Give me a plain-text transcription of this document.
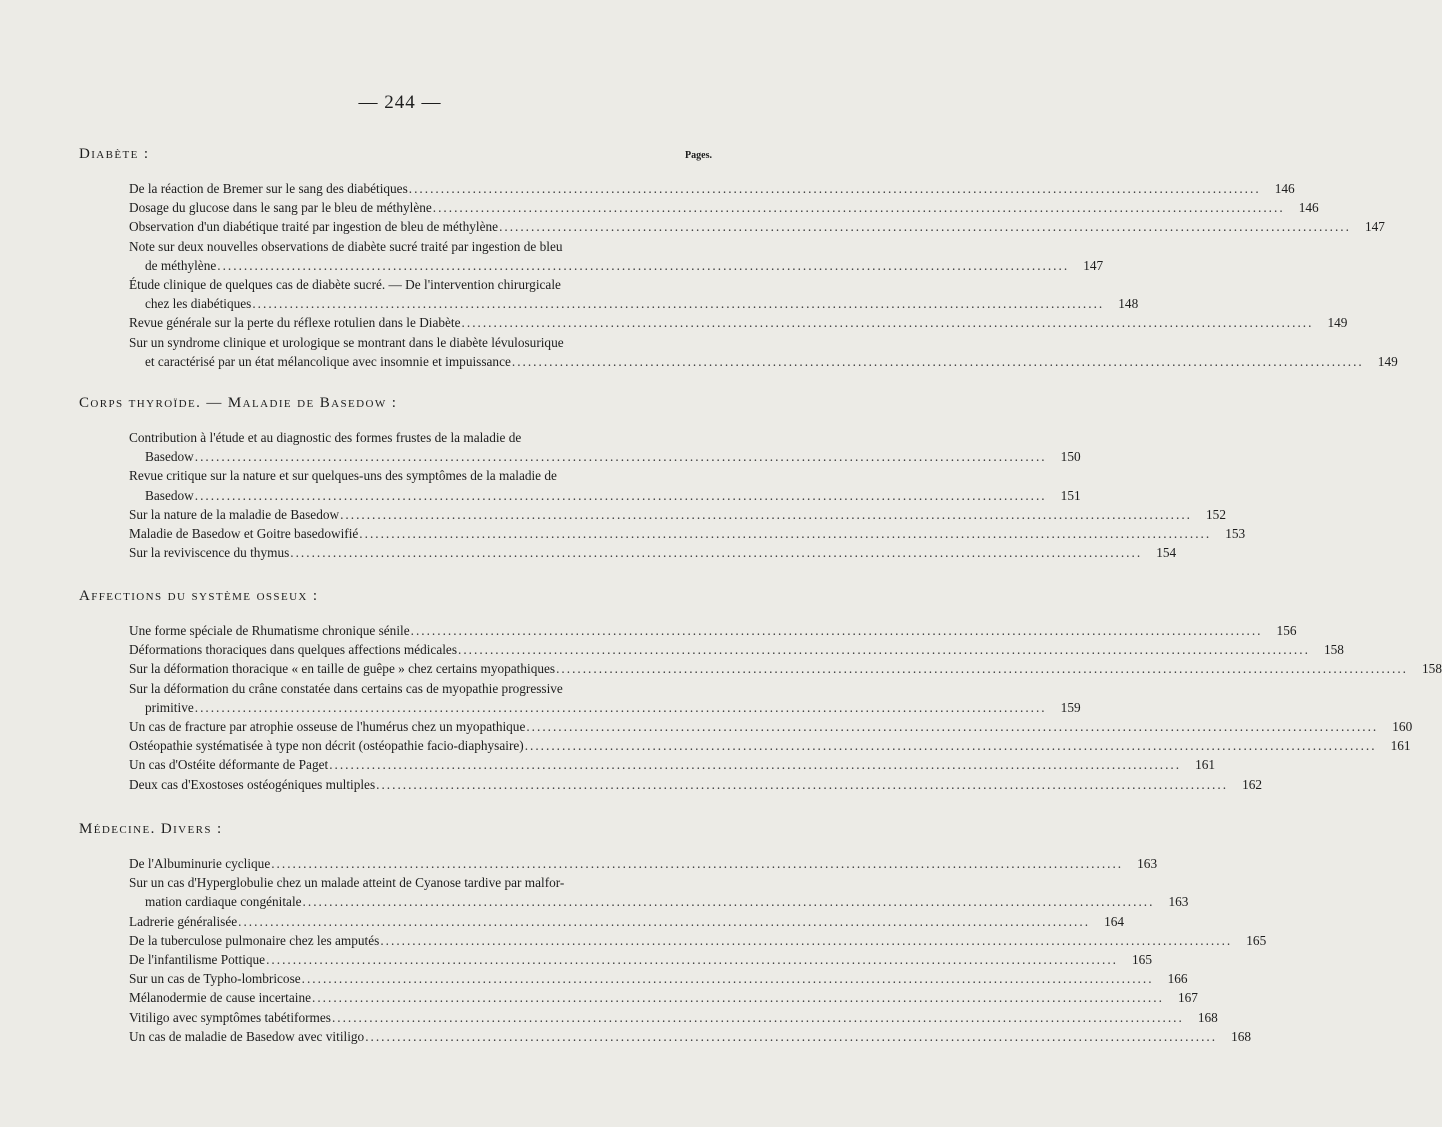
— 244 —
Pages.
Diabète :
De la réaction de Bremer sur le sang des diabétiques .....	146
Dosage du glucose dans le sang par le bleu de méthylène .....	146
Observation d'un diabétique traité par ingestion de bleu de méthylène .....	147
Note sur deux nouvelles observations de diabète sucré traité par ingestion de bleu
de méthylène .....	147
Étude clinique de quelques cas de diabète sucré. — De l'intervention chirurgicale
chez les diabétiques .....	148
Revue générale sur la perte du réflexe rotulien dans le Diabète .....	149
Sur un syndrome clinique et urologique se montrant dans le diabète lévulosurique
et caractérisé par un état mélancolique avec insomnie et impuissance .....	149
Corps thyroïde. — Maladie de Basedow :
Contribution à l'étude et au diagnostic des formes frustes de la maladie de
Basedow .....	150
Revue critique sur la nature et sur quelques-uns des symptômes de la maladie de
Basedow .....	151
Sur la nature de la maladie de Basedow .....	152
Maladie de Basedow et Goitre basedowifié .....	153
Sur la reviviscence du thymus .....	154
Affections du système osseux :
Une forme spéciale de Rhumatisme chronique sénile .....	156
Déformations thoraciques dans quelques affections médicales .....	158
Sur la déformation thoracique « en taille de guêpe » chez certains myopathiques .....	158
Sur la déformation du crâne constatée dans certains cas de myopathie progressive
primitive .....	159
Un cas de fracture par atrophie osseuse de l'humérus chez un myopathique .....	160
Ostéopathie systématisée à type non décrit (ostéopathie facio-diaphysaire) .....	161
Un cas d'Ostéite déformante de Paget .....	161
Deux cas d'Exostoses ostéogéniques multiples .....	162
Médecine. Divers :
De l'Albuminurie cyclique .....	163
Sur un cas d'Hyperglobulie chez un malade atteint de Cyanose tardive par malfor-
mation cardiaque congénitale .....	163
Ladrerie généralisée .....	164
De la tuberculose pulmonaire chez les amputés .....	165
De l'infantilisme Pottique .....	165
Sur un cas de Typho-lombricose .....	166
Mélanodermie de cause incertaine .....	167
Vitiligo avec symptômes tabétiformes .....	168
Un cas de maladie de Basedow avec vitiligo .....	168
